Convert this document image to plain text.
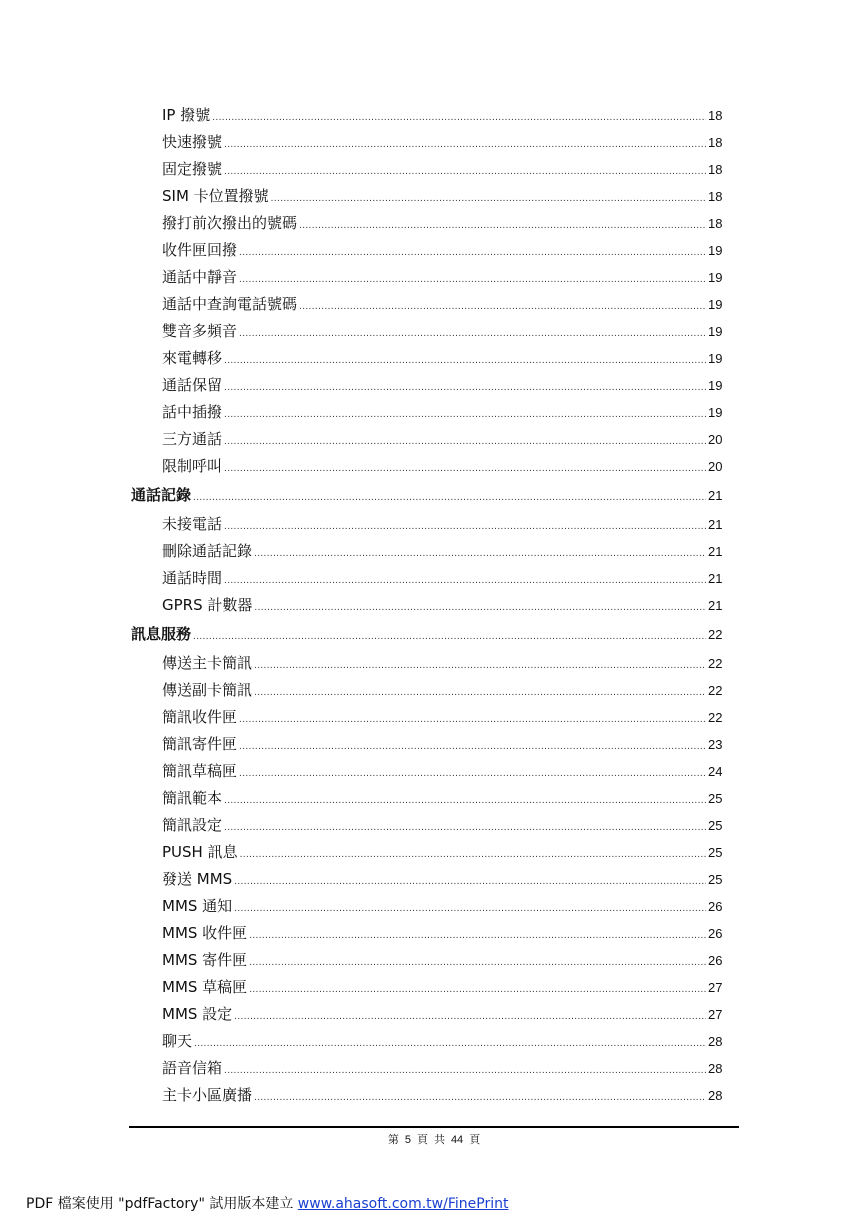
IP 撥號 .....	18
快速撥號 .....	18
固定撥號 .....	18
SIM 卡位置撥號 .....	18
撥打前次撥出的號碼 .....	18
收件匣回撥 .....	19
通話中靜音 .....	19
通話中查詢電話號碼 .....	19
雙音多頻音 .....	19
來電轉移 .....	19
通話保留 .....	19
話中插撥 .....	19
三方通話 .....	20
限制呼叫 .....	20
通話記錄 .....	21
未接電話 .....	21
刪除通話記錄 .....	21
通話時間 .....	21
GPRS 計數器 .....	21
訊息服務 .....	22
傳送主卡簡訊 .....	22
傳送副卡簡訊 .....	22
簡訊收件匣 .....	22
簡訊寄件匣 .....	23
簡訊草稿匣 .....	24
簡訊範本 .....	25
簡訊設定 .....	25
PUSH 訊息 .....	25
發送 MMS .....	25
MMS 通知 .....	26
MMS 收件匣 .....	26
MMS 寄件匣 .....	26
MMS 草稿匣 .....	27
MMS 設定 .....	27
聊天 .....	28
語音信箱 .....	28
主卡小區廣播 .....	28
第 5 頁 共 44 頁
PDF 檔案使用 "pdfFactory" 試用版本建立 www.ahasoft.com.tw/FinePrint
